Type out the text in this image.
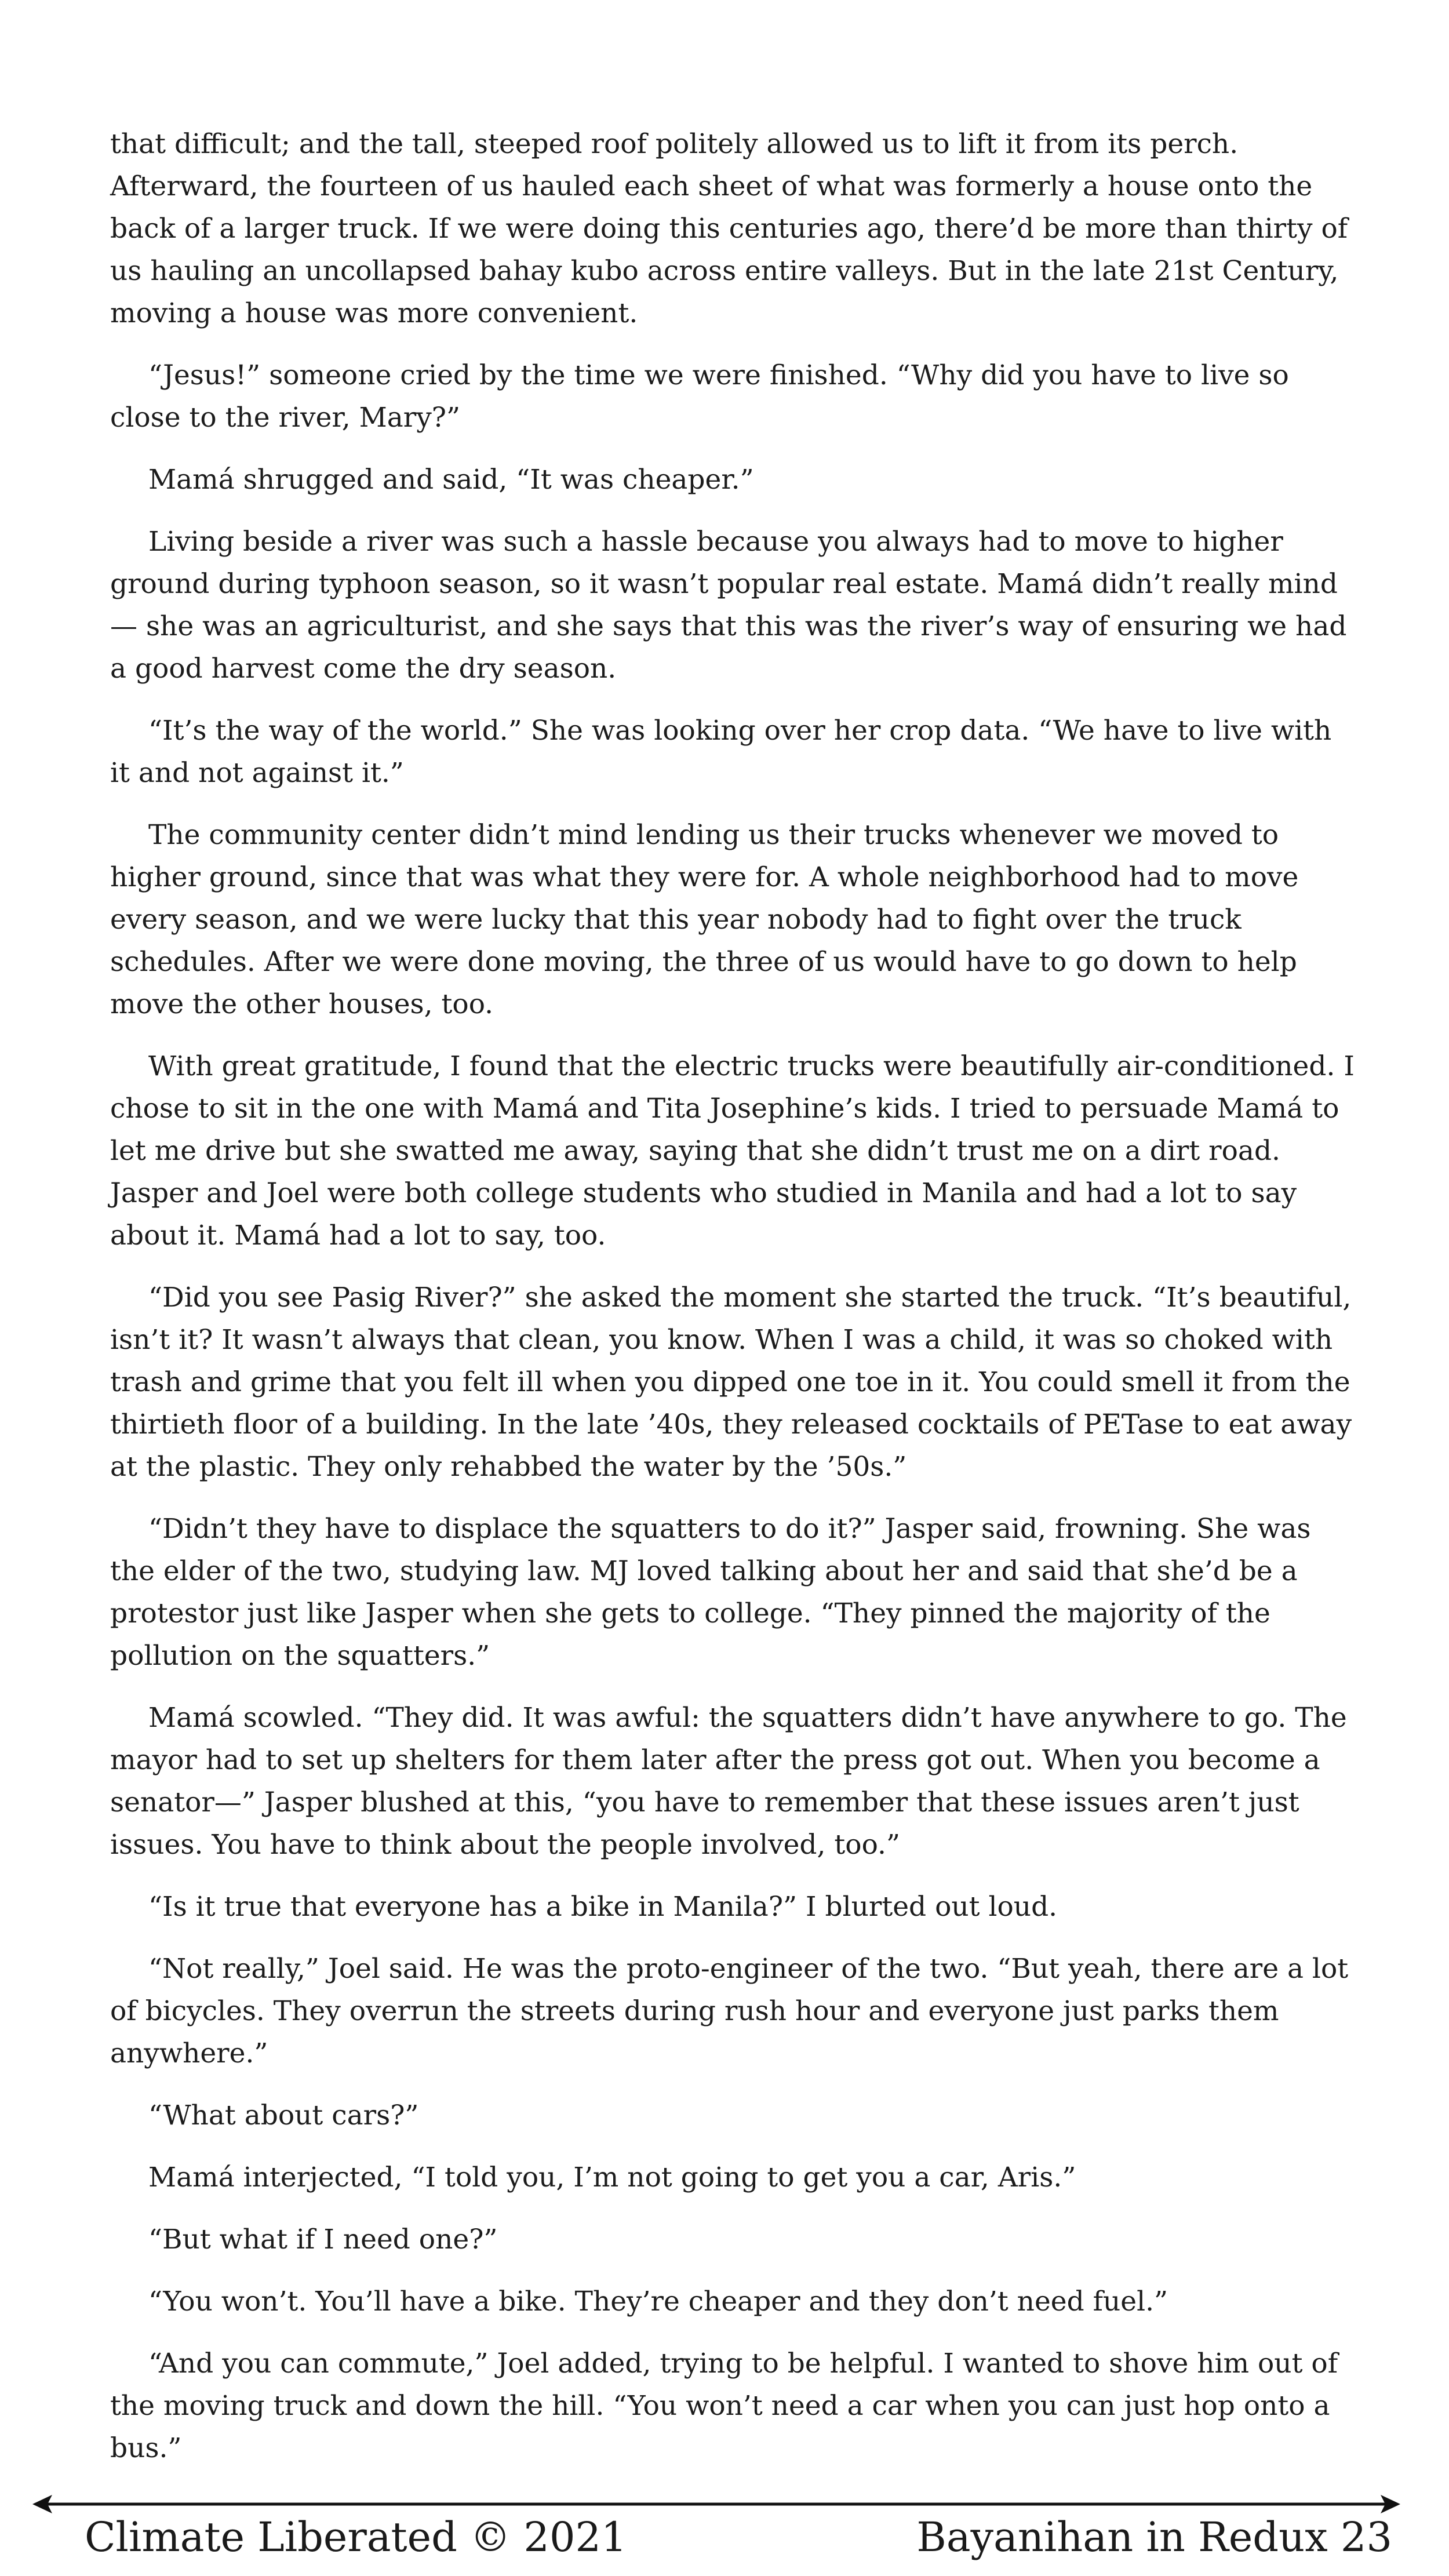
that difficult; and the tall, steeped roof politely allowed us to lift it from its perch. Afterward, the fourteen of us hauled each sheet of what was formerly a house onto the back of a larger truck. If we were doing this centuries ago, there’d be more than thirty of us hauling an uncollapsed bahay kubo across entire valleys. But in the late 21st Century, moving a house was more convenient.

“Jesus!” someone cried by the time we were finished. “Why did you have to live so close to the river, Mary?”

Mamá shrugged and said, “It was cheaper.”

Living beside a river was such a hassle because you always had to move to higher ground during typhoon season, so it wasn’t popular real estate. Mamá didn’t really mind— she was an agriculturist, and she says that this was the river’s way of ensuring we had a good harvest come the dry season.

“It’s the way of the world.” She was looking over her crop data. “We have to live with it and not against it.”

The community center didn’t mind lending us their trucks whenever we moved to higher ground, since that was what they were for. A whole neighborhood had to move every season, and we were lucky that this year nobody had to fight over the truck schedules. After we were done moving, the three of us would have to go down to help move the other houses, too.

With great gratitude, I found that the electric trucks were beautifully air-conditioned. I chose to sit in the one with Mamá and Tita Josephine’s kids. I tried to persuade Mamá to let me drive but she swatted me away, saying that she didn’t trust me on a dirt road. Jasper and Joel were both college students who studied in Manila and had a lot to say about it. Mamá had a lot to say, too.

“Did you see Pasig River?” she asked the moment she started the truck. “It’s beautiful, isn’t it? It wasn’t always that clean, you know. When I was a child, it was so choked with trash and grime that you felt ill when you dipped one toe in it. You could smell it from the thirtieth floor of a building. In the late ’40s, they released cocktails of PETase to eat away at the plastic. They only rehabbed the water by the ’50s.”

“Didn’t they have to displace the squatters to do it?” Jasper said, frowning. She was the elder of the two, studying law. MJ loved talking about her and said that she’d be a protestor just like Jasper when she gets to college. “They pinned the majority of the pollution on the squatters.”

Mamá scowled. “They did. It was awful: the squatters didn’t have anywhere to go. The mayor had to set up shelters for them later after the press got out. When you become a senator—” Jasper blushed at this, “you have to remember that these issues aren’t just issues. You have to think about the people involved, too.”

“Is it true that everyone has a bike in Manila?” I blurted out loud.

“Not really,” Joel said. He was the proto-engineer of the two. “But yeah, there are a lot of bicycles. They overrun the streets during rush hour and everyone just parks them anywhere.”

“What about cars?”

Mamá interjected, “I told you, I’m not going to get you a car, Aris.”

“But what if I need one?”

“You won’t. You’ll have a bike. They’re cheaper and they don’t need fuel.”

“And you can commute,” Joel added, trying to be helpful. I wanted to shove him out of the moving truck and down the hill. “You won’t need a car when you can just hop onto a bus.”

Climate Liberated © 2021	Bayanihan in Redux 23
